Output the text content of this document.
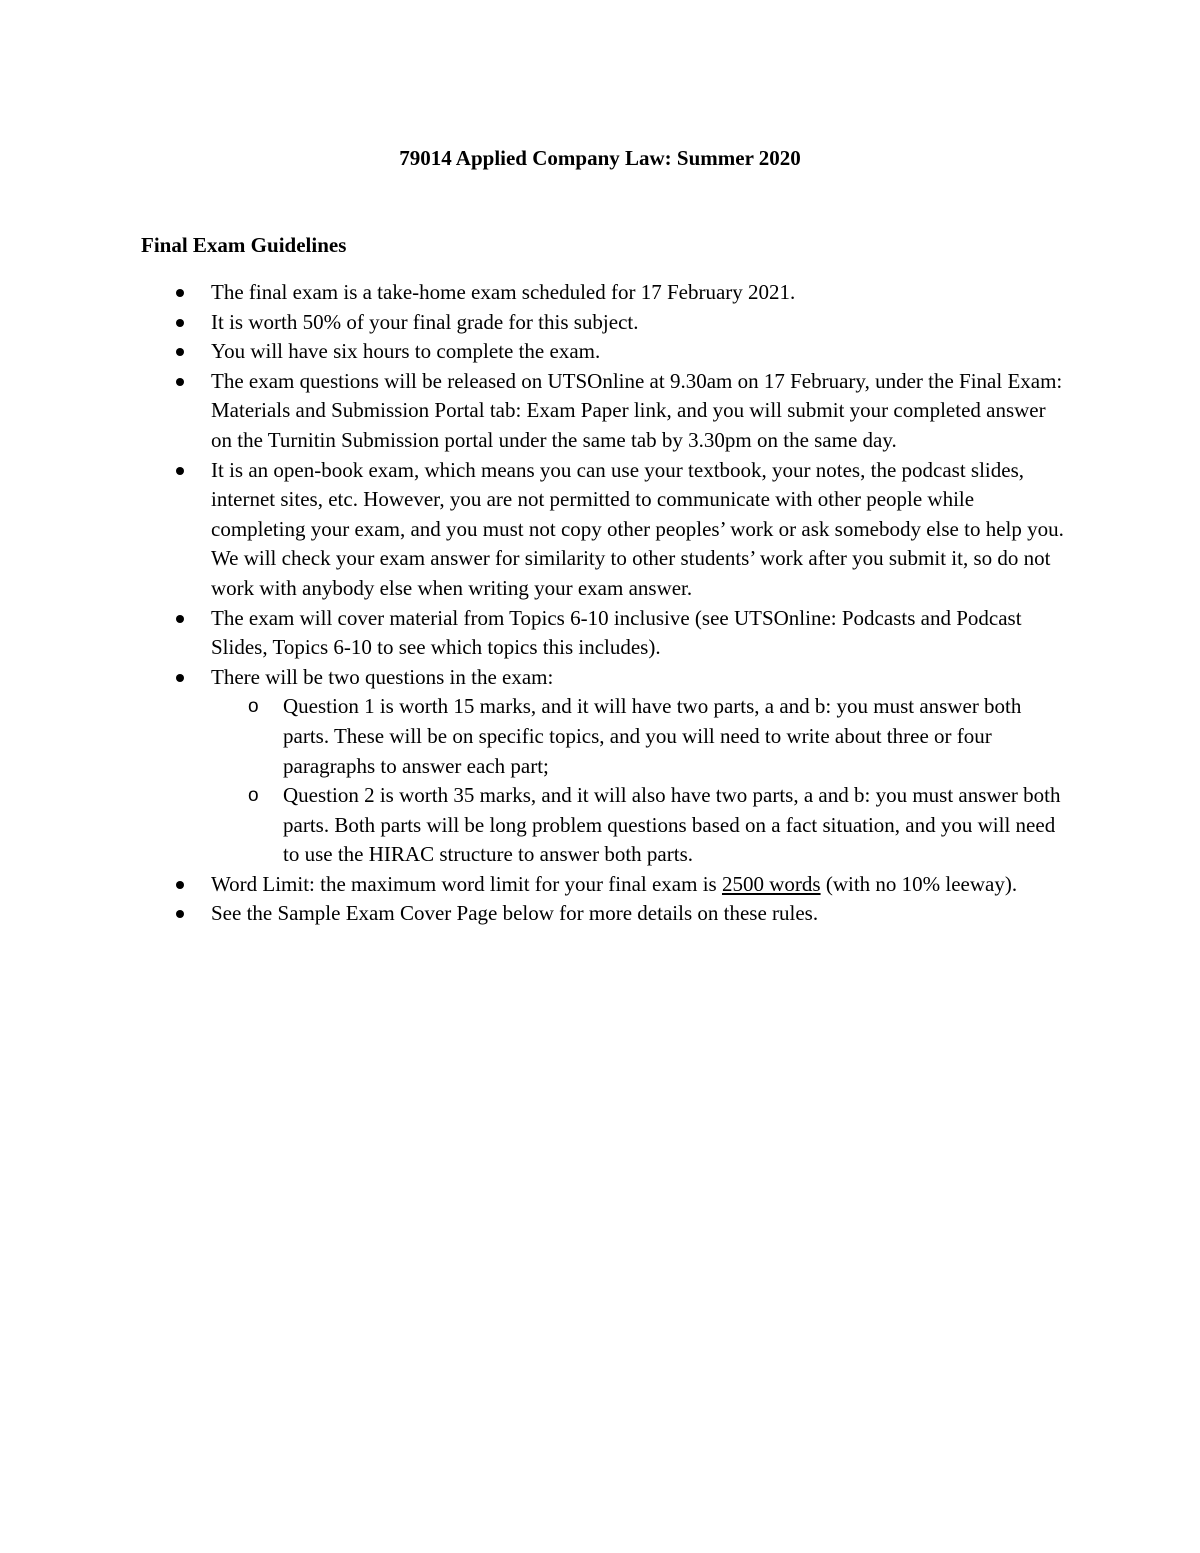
79014 Applied Company Law: Summer 2020
Final Exam Guidelines
The final exam is a take-home exam scheduled for 17 February 2021.
It is worth 50% of your final grade for this subject.
You will have six hours to complete the exam.
The exam questions will be released on UTSOnline at 9.30am on 17 February, under the Final Exam: Materials and Submission Portal tab: Exam Paper link, and you will submit your completed answer on the Turnitin Submission portal under the same tab by 3.30pm on the same day.
It is an open-book exam, which means you can use your textbook, your notes, the podcast slides, internet sites, etc. However, you are not permitted to communicate with other people while completing your exam, and you must not copy other peoples’ work or ask somebody else to help you. We will check your exam answer for similarity to other students’ work after you submit it, so do not work with anybody else when writing your exam answer.
The exam will cover material from Topics 6-10 inclusive (see UTSOnline: Podcasts and Podcast Slides, Topics 6-10 to see which topics this includes).
There will be two questions in the exam:
o Question 1 is worth 15 marks, and it will have two parts, a and b: you must answer both parts. These will be on specific topics, and you will need to write about three or four paragraphs to answer each part;
o Question 2 is worth 35 marks, and it will also have two parts, a and b: you must answer both parts. Both parts will be long problem questions based on a fact situation, and you will need to use the HIRAC structure to answer both parts.
Word Limit: the maximum word limit for your final exam is 2500 words (with no 10% leeway).
See the Sample Exam Cover Page below for more details on these rules.
